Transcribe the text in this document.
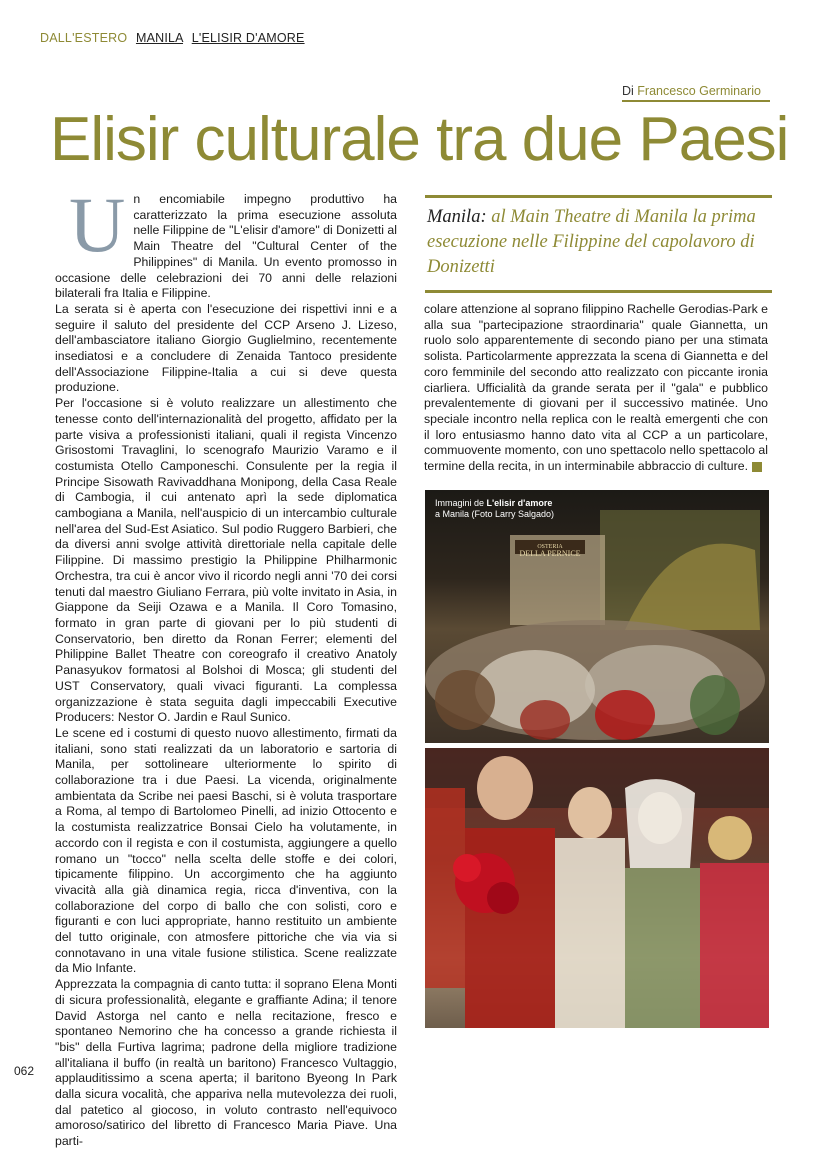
DALL'ESTERO MANILA L'ELISIR D'AMORE
Di Francesco Germinario
Elisir culturale tra due Paesi

Un encomiabile impegno produttivo ha caratterizzato la prima esecuzione assoluta nelle Filippine de "L'elisir d'amore" di Donizetti al Main Theatre del "Cultural Center of the Philippines" di Manila. Un evento promosso in occasione delle celebrazioni dei 70 anni delle relazioni bilaterali fra Italia e Filippine.

La serata si è aperta con l'esecuzione dei rispettivi inni e a seguire il saluto del presidente del CCP Arseno J. Lizeso, dell'ambasciatore italiano Giorgio Guglielmino, recentemente insediatosi e a concludere di Zenaida Tantoco presidente dell'Associazione Filippine-Italia a cui si deve questa produzione.

Per l'occasione si è voluto realizzare un allestimento che tenesse conto dell'internazionalità del progetto, affidato per la parte visiva a professionisti italiani, quali il regista Vincenzo Grisostomi Travaglini, lo scenografo Maurizio Varamo e il costumista Otello Camponeschi. Consulente per la regia il Principe Sisowath Ravivaddhana Monipong, della Casa Reale di Cambogia, il cui antenato aprì la sede diplomatica cambogiana a Manila, nell'auspicio di un intercambio culturale nell'area del Sud-Est Asiatico. Sul podio Ruggero Barbieri, che da diversi anni svolge attività direttoriale nella capitale delle Filippine. Di massimo prestigio la Philippine Philharmonic Orchestra, tra cui è ancor vivo il ricordo negli anni '70 dei corsi tenuti dal maestro Giuliano Ferrara, più volte invitato in Asia, in Giappone da Seiji Ozawa e a Manila. Il Coro Tomasino, formato in gran parte di giovani per lo più studenti di Conservatorio, ben diretto da Ronan Ferrer; elementi del Philippine Ballet Theatre con coreografo il creativo Anatoly Panasyukov formatosi al Bolshoi di Mosca; gli studenti del UST Conservatory, quali vivaci figuranti. La complessa organizzazione è stata seguita dagli impeccabili Executive Producers: Nestor O. Jardin e Raul Sunico.

Le scene ed i costumi di questo nuovo allestimento, firmati da italiani, sono stati realizzati da un laboratorio e sartoria di Manila, per sottolineare ulteriormente lo spirito di collaborazione tra i due Paesi. La vicenda, originalmente ambientata da Scribe nei paesi Baschi, si è voluta trasportare a Roma, al tempo di Bartolomeo Pinelli, ad inizio Ottocento e la costumista realizzatrice Bonsai Cielo ha volutamente, in accordo con il regista e con il costumista, aggiungere a quello romano un "tocco" nella scelta delle stoffe e dei colori, tipicamente filippino. Un accorgimento che ha aggiunto vivacità alla già dinamica regia, ricca d'inventiva, con la collaborazione del corpo di ballo che con solisti, coro e figuranti e con luci appropriate, hanno restituito un ambiente del tutto originale, con atmosfere pittoriche che via via si connotavano in una vitale fusione stilistica. Scene realizzate da Mio Infante.

Apprezzata la compagnia di canto tutta: il soprano Elena Monti di sicura professionalità, elegante e graffiante Adina; il tenore David Astorga nel canto e nella recitazione, fresco e spontaneo Nemorino che ha concesso a grande richiesta il "bis" della Furtiva lagrima; padrone della migliore tradizione all'italiana il buffo (in realtà un baritono) Francesco Vultaggio, applauditissimo a scena aperta; il baritono Byeong In Park dalla sicura vocalità, che appariva nella mutevolezza dei ruoli, dal patetico al giocoso, in voluto contrasto nell'equivoco amoroso/satirico del libretto di Francesco Maria Piave. Una parti-

Manila: al Main Theatre di Manila la prima esecuzione nelle Filippine del capolavoro di Donizetti

colare attenzione al soprano filippino Rachelle Gerodias-Park e alla sua "partecipazione straordinaria" quale Giannetta, un ruolo solo apparentemente di secondo piano per una stimata solista. Particolarmente apprezzata la scena di Giannetta e del coro femminile del secondo atto realizzato con piccante ironia ciarliera. Ufficialità da grande serata per il "gala" e pubblico prevalentemente di giovani per il successivo matinée. Uno speciale incontro nella replica con le realtà emergenti che con il loro entusiasmo hanno dato vita al CCP a un particolare, commuovente momento, con uno spettacolo nello spettacolo al termine della recita, in un interminabile abbraccio di culture.

OSTERIA
DELLA PERNICE
Immagini de L'elisir d'amore
a Manila (Foto Larry Salgado)
062
